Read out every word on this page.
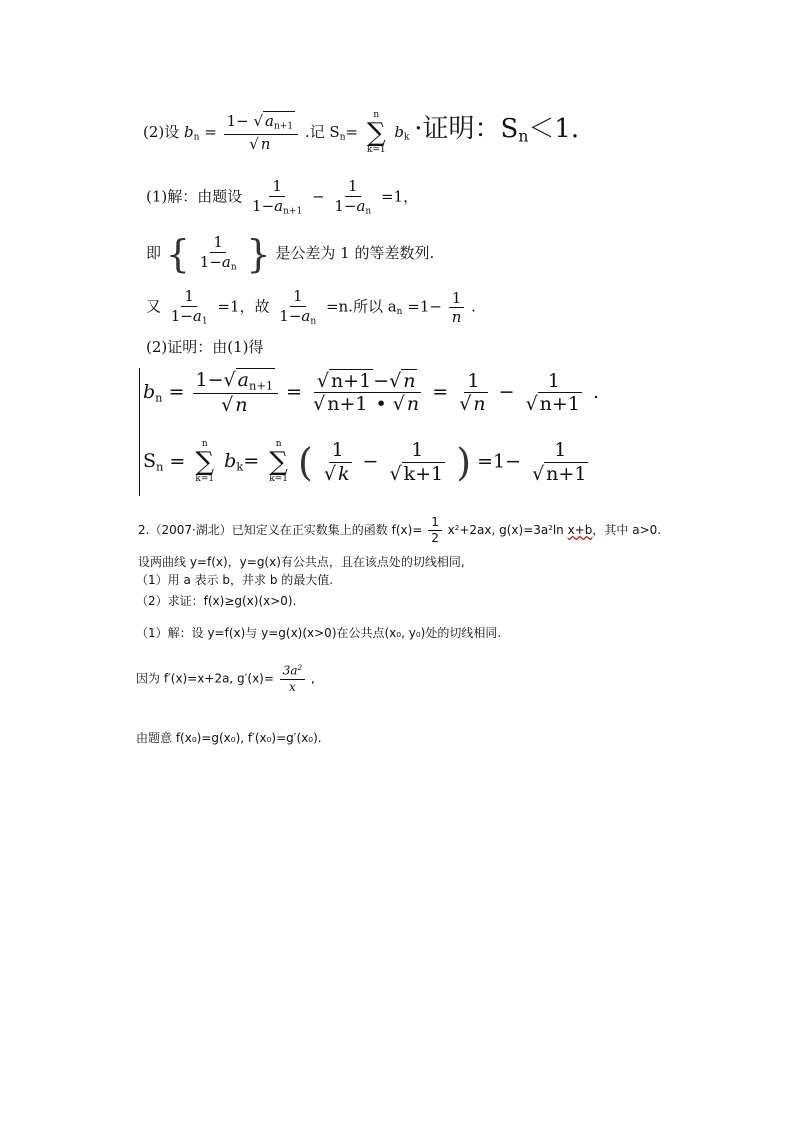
(2)设 $b_n = \frac{1- √ a_{n+1}}{√ n}$ .记 $S_n=$
n
∑
k=1
$b_k$ ·证明：$S_n<1$.
(1)解：由题设 $\frac{1}{1-a_{n+1}} - \frac{1}{1-a_n} =1$，
即 { $\frac{1}{1-a_n}$ } 是公差为 1 的等差数列.
又 $\frac{1}{1-a_1} =1$，故 $\frac{1}{1-a_n} =n$.所以 $a_n =1- \frac{1}{n}$ .
(2)证明：由(1)得
$b_n = \frac{1-√ a_{n+1}}{√ n} = \frac{√ n+1 -√ n}{√ n+1 • √ n} = \frac{1}{√ n} - \frac{1}{√ n+1}$ .
$S_n$ =
n
∑
k=1
$b_k=$
n
∑
k=1 ( $\frac{1}{√ k} - \frac{1}{√ k+1}$ ) $=1- \frac{1}{√ n+1}$
2.（2007·湖北）已知定义在正实数集上的函数 $f(x)= \frac{1}{2} x^2+2ax$, $g(x)=3a^2\ln$ x+b，其中 a>0.
设两曲线 y=f(x)，y=g(x)有公共点，且在该点处的切线相同,
（1）用 a 表示 b，并求 b 的最大值.
（2）求证：f(x)≥g(x)(x>0).
（1）解：设 y=f(x)与 y=g(x)(x>0)在公共点(x₀, y₀)处的切线相同.
因为 f′(x)=x+2a, $g'(x)= \frac{3a^2}{x}$ ,
由题意 f(x₀)=g(x₀), f′(x₀)=g′(x₀).
